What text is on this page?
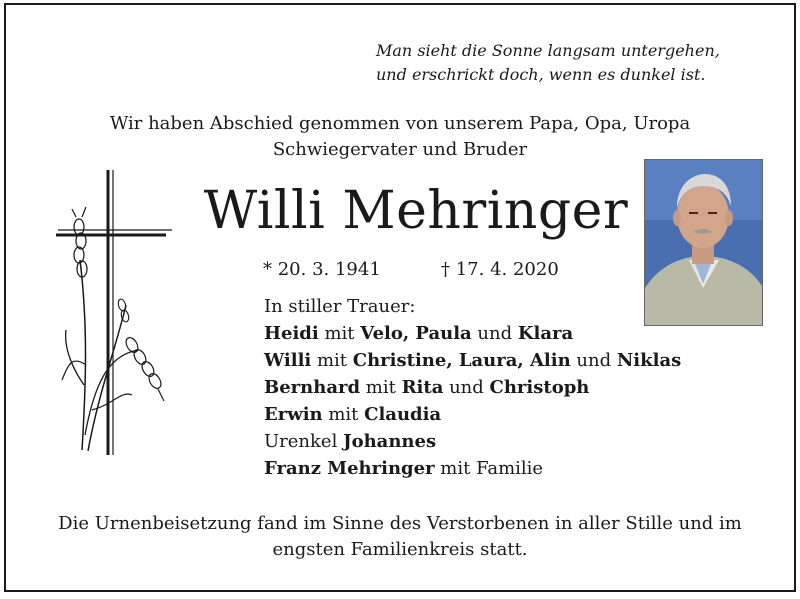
Man sieht die Sonne langsam untergehen,
und erschrickt doch, wenn es dunkel ist.
Wir haben Abschied genommen von unserem Papa, Opa, Uropa
Schwiegervater und Bruder
Willi Mehringer
* 20. 3. 1941	† 17. 4. 2020
In stiller Trauer:
Heidi mit Velo, Paula und Klara
Willi mit Christine, Laura, Alin und Niklas
Bernhard mit Rita und Christoph
Erwin mit Claudia
Urenkel Johannes
Franz Mehringer mit Familie
Die Urnenbeisetzung fand im Sinne des Verstorbenen in aller Stille und im
engsten Familienkreis statt.
